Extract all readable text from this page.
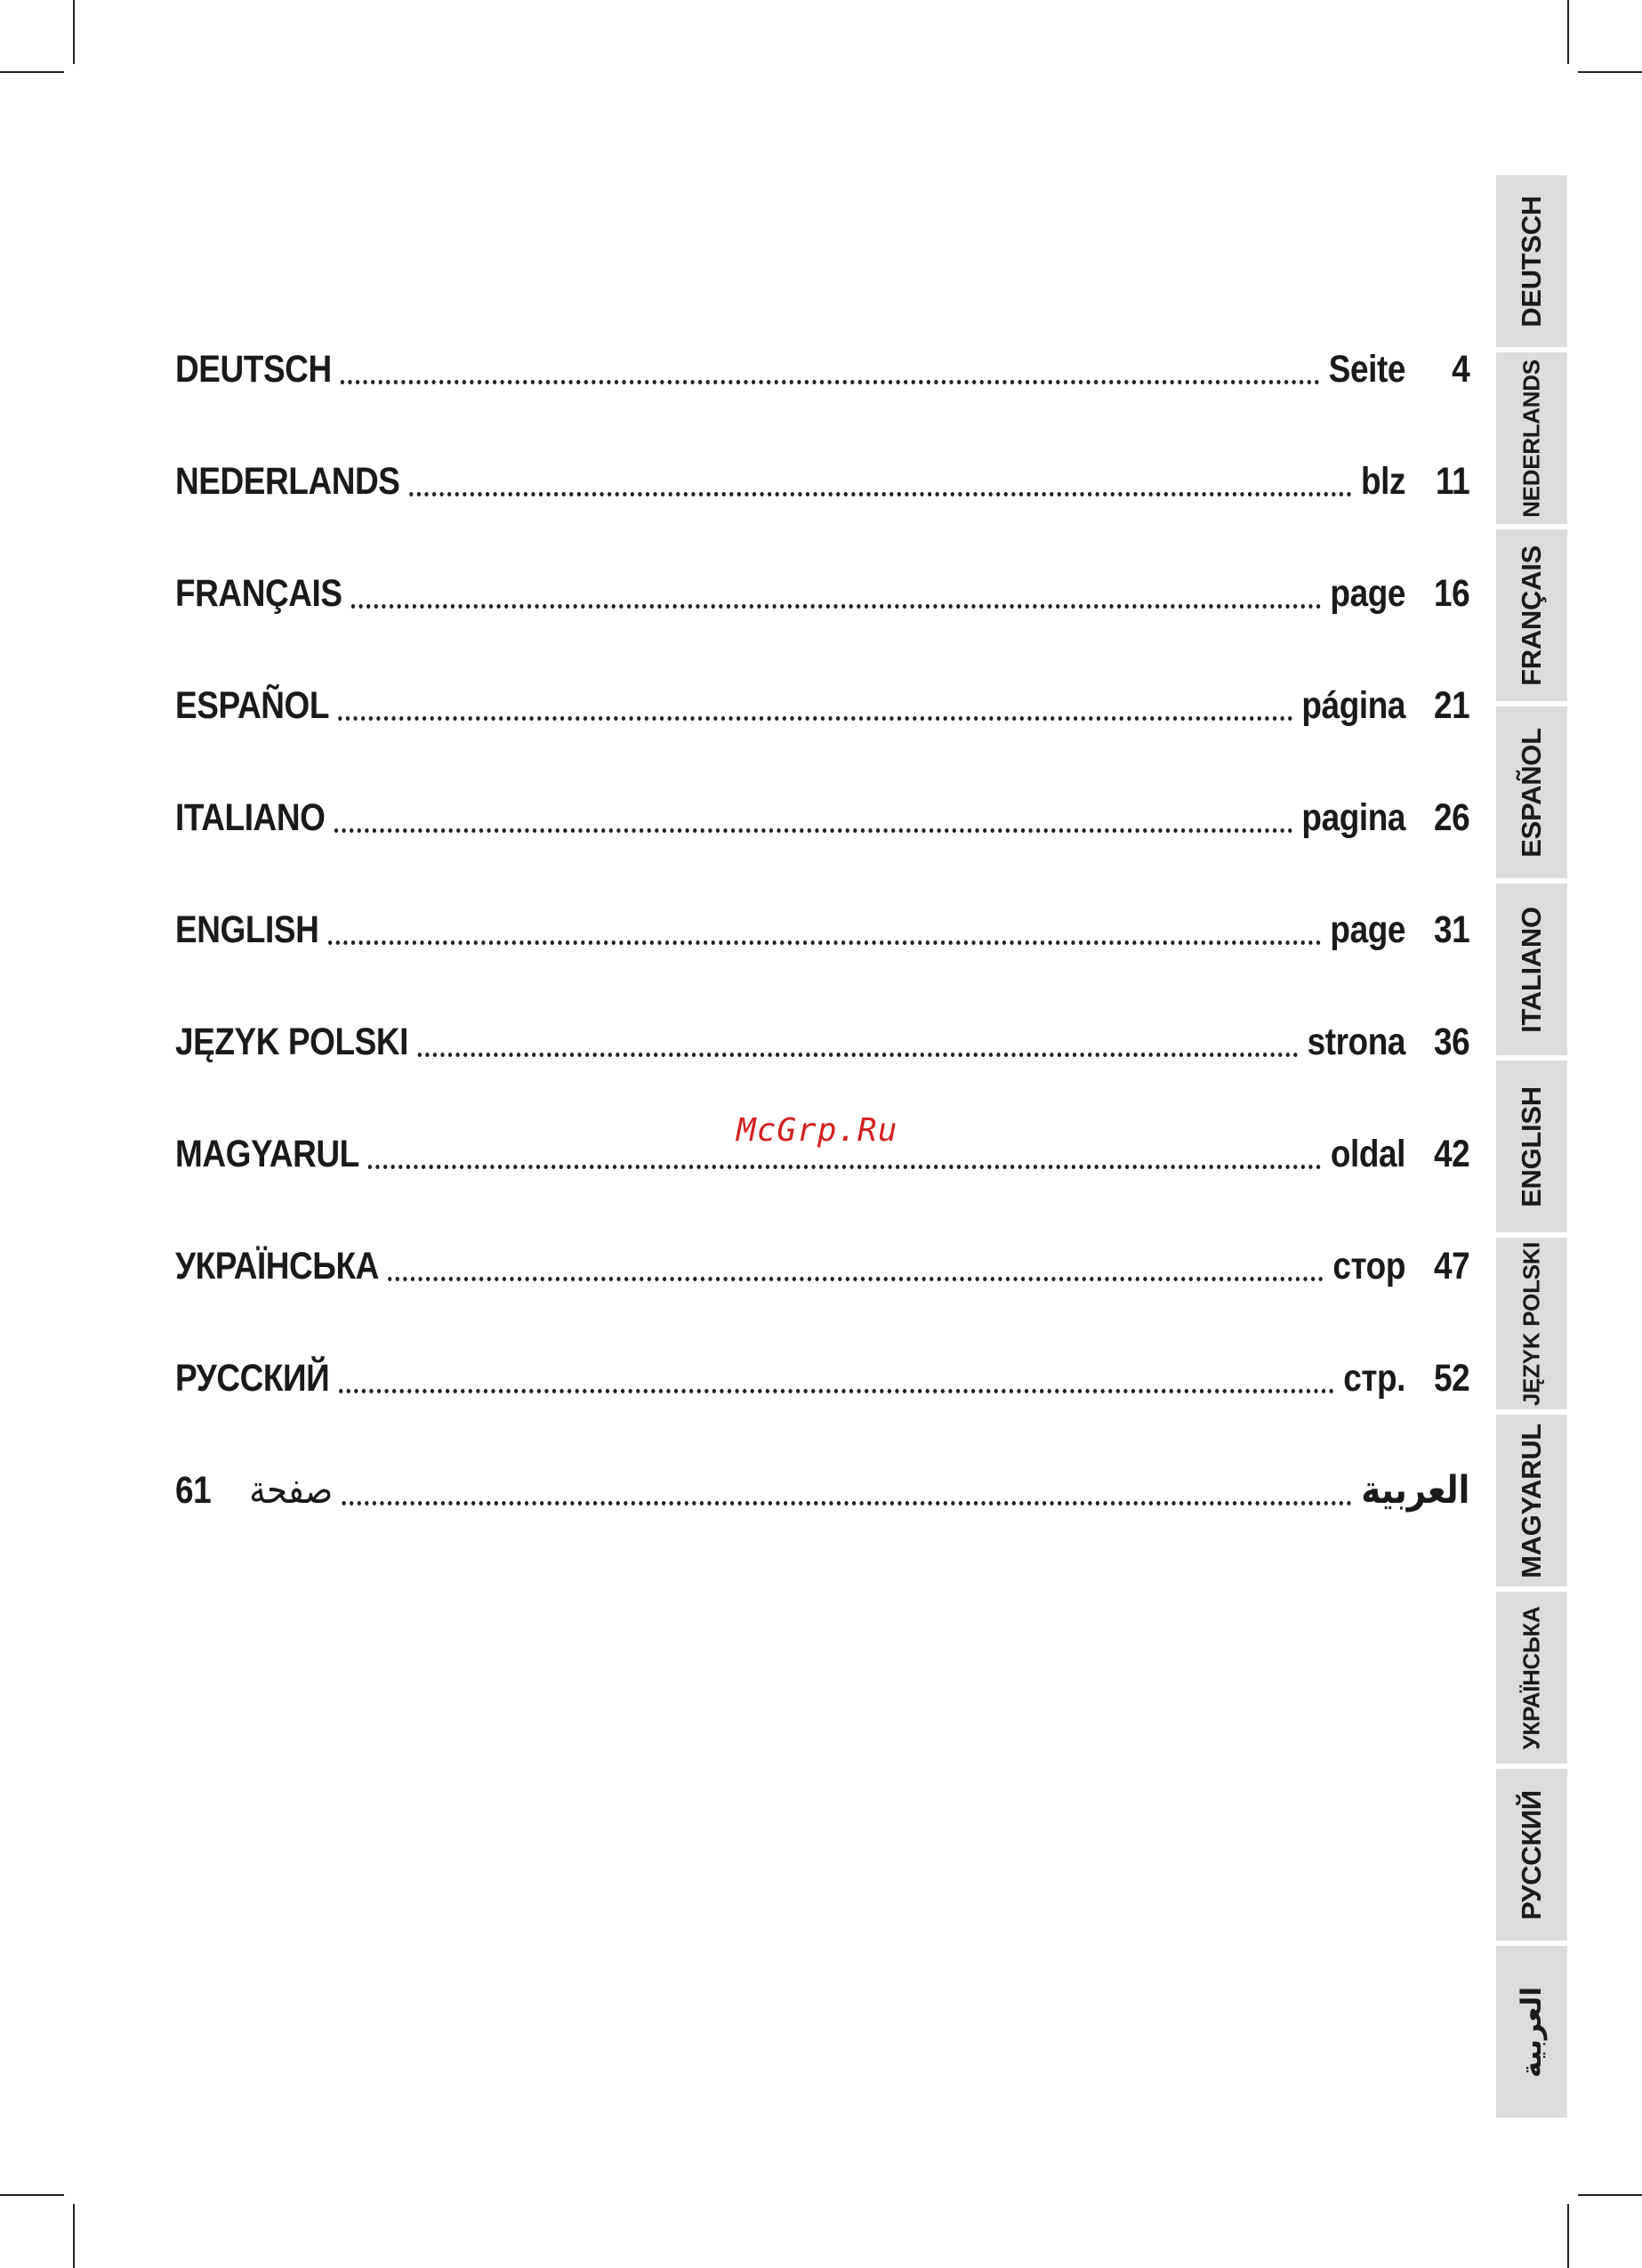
DEUTSCH	Seite	4
NEDERLANDS	blz 11
FRANÇAIS	page 16
ESPAÑOL	página 21
ITALIANO	pagina 26
ENGLISH	page 31
JĘZYK POLSKI	strona 36
MAGYARUL	oldal 42
УКРАЇНСЬКА	стор 47
РУССКИЙ	стр. 52
61 صفحة	العربية
McGrp.Ru
DEUTSCH
NEDERLANDS
FRANÇAIS
ESPAÑOL
ITALIANO
ENGLISH
JĘZYK POLSKI
MAGYARUL
УКРАЇНСЬКА
РУССКИЙ
العربية
